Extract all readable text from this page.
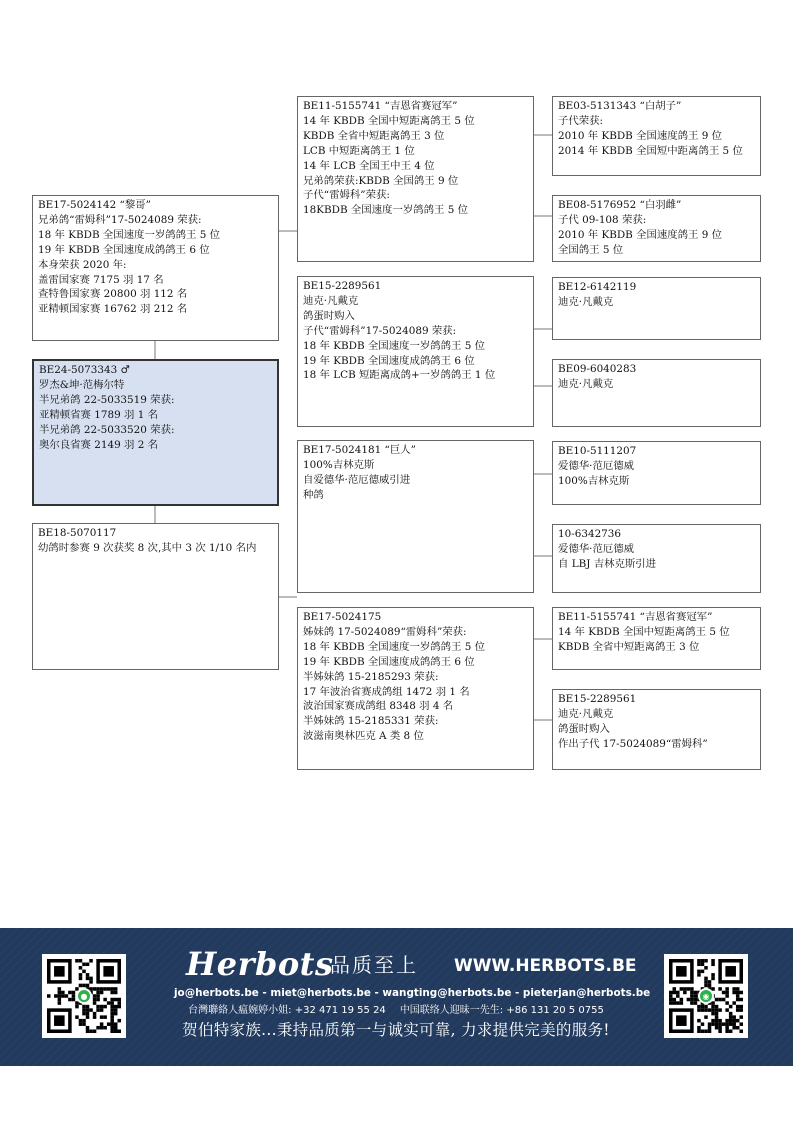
BE17-5024142 “黎哥”
兄弟鸽“雷姆科”17-5024089 荣获:
18 年 KBDB 全国速度一岁鸽鸽王 5 位
19 年 KBDB 全国速度成鸽鸽王 6 位
本身荣获 2020 年:
盖雷国家赛 7175 羽 17 名
查特鲁国家赛 20800 羽 112 名
亚精顿国家赛 16762 羽 212 名
BE24-5073343 ♂
罗杰&坤·范梅尔特
半兄弟鸽 22-5033519 荣获:
亚精顿省赛 1789 羽 1 名
半兄弟鸽 22-5033520 荣获:
奥尔良省赛 2149 羽 2 名
BE18-5070117
幼鸽时参赛 9 次获奖 8 次,其中 3 次 1/10 名内
BE11-5155741 “吉恩省赛冠军”
14 年 KBDB 全国中短距离鸽王 5 位
KBDB 全省中短距离鸽王 3 位
LCB 中短距离鸽王 1 位
14 年 LCB 全国王中王 4 位
兄弟鸽荣获:KBDB 全国鸽王 9 位
子代“雷姆科”荣获:
18KBDB 全国速度一岁鸽鸽王 5 位
BE15-2289561
迪克·凡戴克
鸽蛋时购入
子代“雷姆科”17-5024089 荣获:
18 年 KBDB 全国速度一岁鸽鸽王 5 位
19 年 KBDB 全国速度成鸽鸽王 6 位
18 年 LCB 短距离成鸽+一岁鸽鸽王 1 位
BE17-5024181 “巨人”
100%吉林克斯
自爱德华·范厄德威引进
种鸽
BE17-5024175
姊妹鸽 17-5024089“雷姆科”荣获:
18 年 KBDB 全国速度一岁鸽鸽王 5 位
19 年 KBDB 全国速度成鸽鸽王 6 位
半姊妹鸽 15-2185293 荣获:
17 年波治省赛成鸽组 1472 羽 1 名
波治国家赛成鸽组 8348 羽 4 名
半姊妹鸽 15-2185331 荣获:
波滋南奥林匹克 A 类 8 位
BE03-5131343 “白胡子”
子代荣获:
2010 年 KBDB 全国速度鸽王 9 位
2014 年 KBDB 全国短中距离鸽王 5 位
BE08-5176952 “白羽雌”
子代 09-108 荣获:
2010 年 KBDB 全国速度鸽王 9 位
全国鸽王 5 位
BE12-6142119
迪克·凡戴克
BE09-6040283
迪克·凡戴克
BE10-5111207
爱德华·范厄德威
100%吉林克斯
10-6342736
爱德华·范厄德威
自 LBJ 吉林克斯引进
BE11-5155741 “吉恩省赛冠军”
14 年 KBDB 全国中短距离鸽王 5 位
KBDB 全省中短距离鸽王 3 位
BE15-2289561
迪克·凡戴克
鸽蛋时购入
作出子代 17-5024089“雷姆科”
●
Herbots
品质至上 WWW.HERBOTS.BE
jo@herbots.be - miet@herbots.be - wangting@herbots.be - pieterjan@herbots.be
台灣聯絡人瘟婉婷小姐: +32 471 19 55 24 中国联络人迎昧一先生: +86 131 20 5 0755
贺伯特家族...秉持品质第一与诚实可靠, 力求提供完美的服务!
◉
